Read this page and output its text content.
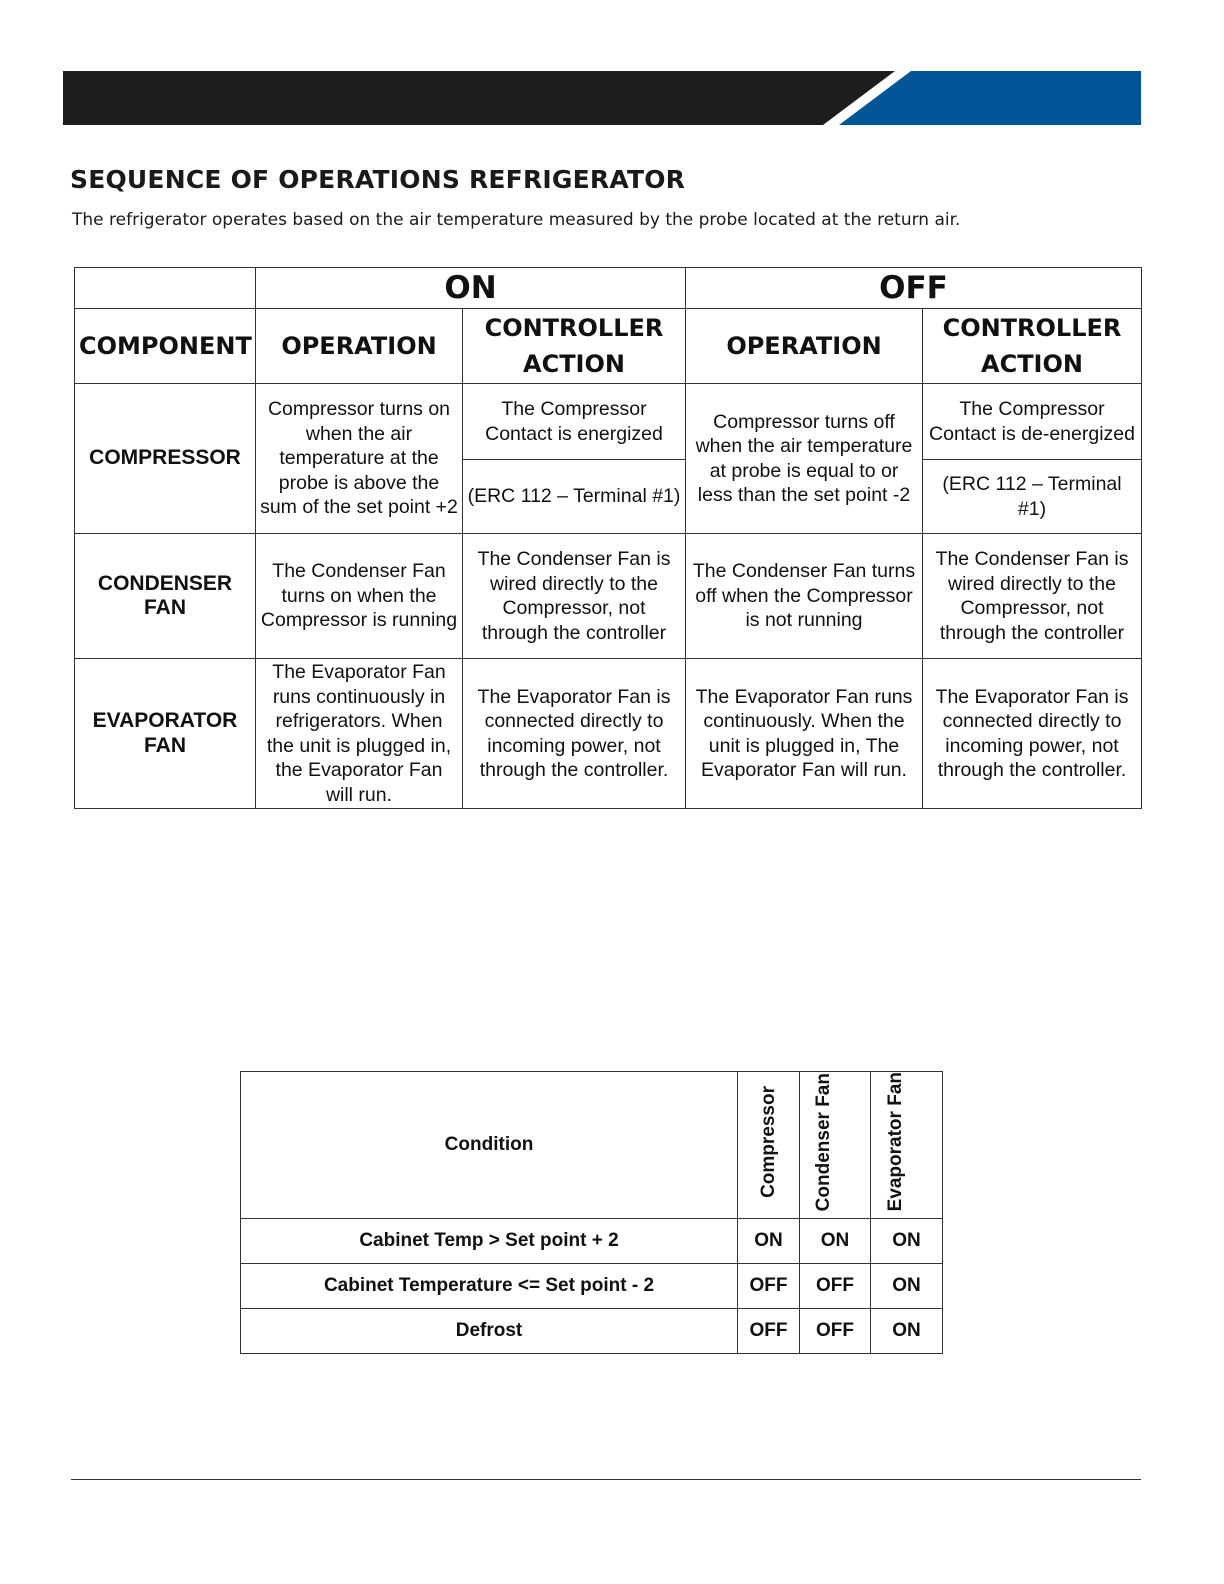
SEQUENCE OF OPERATIONS REFRIGERATOR

The refrigerator operates based on the air temperature measured by the probe located at the return air.

	ON		OFF	
COMPONENT	OPERATION	CONTROLLER ACTION	OPERATION	CONTROLLER ACTION
COMPRESSOR	Compressor turns on when the air temperature at the probe is above the sum of the set point +2	The Compressor Contact is energized	Compressor turns off when the air temperature at probe is equal to or less than the set point -2	The Compressor Contact is de-energized
		(ERC 112 – Terminal #1)		(ERC 112 – Terminal #1)
CONDENSER FAN	The Condenser Fan turns on when the Compressor is running	The Condenser Fan is wired directly to the Compressor, not through the controller	The Condenser Fan turns off when the Compressor is not running	The Condenser Fan is wired directly to the Compressor, not through the controller
EVAPORATOR FAN	The Evaporator Fan runs continuously in refrigerators. When the unit is plugged in, the Evaporator Fan will run.	The Evaporator Fan is connected directly to incoming power, not through the controller.	The Evaporator Fan runs continuously. When the unit is plugged in, The Evaporator Fan will run.	The Evaporator Fan is connected directly to incoming power, not through the controller.
Condition	Compressor	Condenser Fan	Evaporator Fan
Cabinet Temp > Set point + 2	ON	ON	ON
Cabinet Temperature <= Set point - 2	OFF	OFF	ON
Defrost	OFF	OFF	ON
